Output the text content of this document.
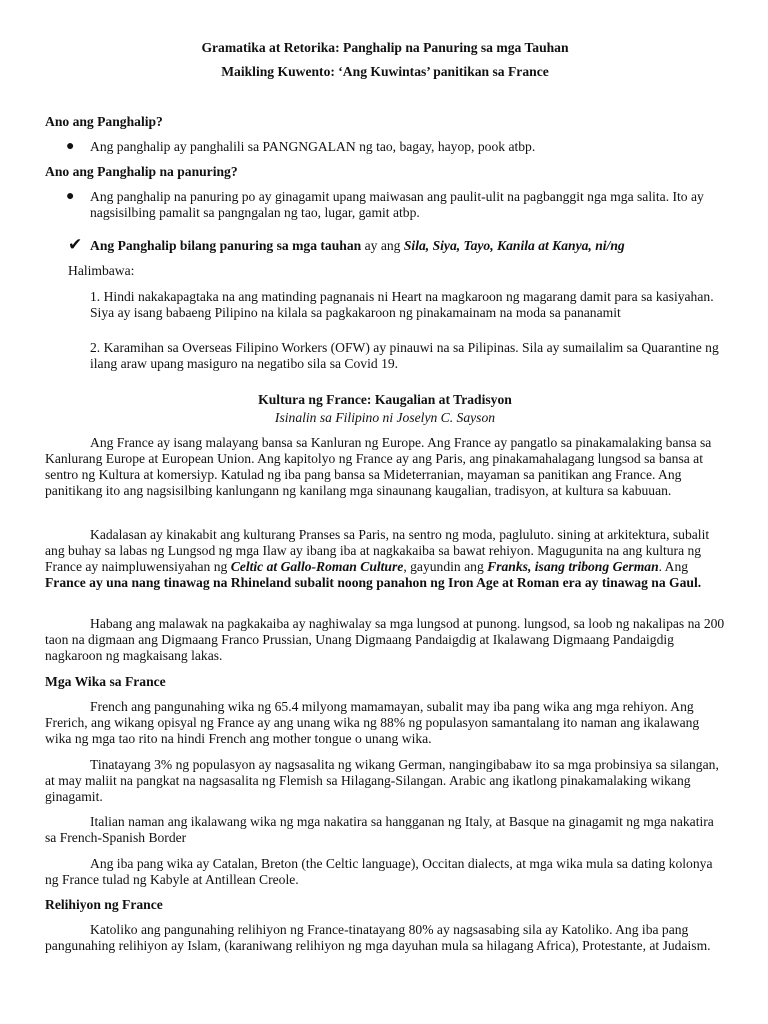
Gramatika at Retorika: Panghalip na Panuring sa mga Tauhan

Maikling Kuwento: ‘Ang Kuwintas’ panitikan sa France

Ano ang Panghalip?

● Ang panghalip ay panghalili sa PANGNGALAN ng tao, bagay, hayop, pook atbp.

Ano ang Panghalip na panuring?

● Ang panghalip na panuring po ay ginagamit upang maiwasan ang paulit-ulit na pagbanggit nga mga salita. Ito ay nagsisilbing pamalit sa pangngalan ng tao, lugar, gamit atbp.

✔ Ang Panghalip bilang panuring sa mga tauhan ay ang Sila, Siya, Tayo, Kanila at Kanya, ni/ng

Halimbawa:

1. Hindi nakakapagtaka na ang matinding pagnanais ni Heart na magkaroon ng magarang damit para sa kasiyahan. Siya ay isang babaeng Pilipino na kilala sa pagkakaroon ng pinakamainam na moda sa pananamit

2. Karamihan sa Overseas Filipino Workers (OFW) ay pinauwi na sa Pilipinas. Sila ay sumailalim sa Quarantine ng ilang araw upang masiguro na negatibo sila sa Covid 19.

Kultura ng France: Kaugalian at Tradisyon

Isinalin sa Filipino ni Joselyn C. Sayson

Ang France ay isang malayang bansa sa Kanluran ng Europe. Ang France ay pangatlo sa pinakamalaking bansa sa Kanlurang Europe at European Union. Ang kapitolyo ng France ay ang Paris, ang pinakamahalagang lungsod sa bansa at sentro ng Kultura at komersiyp. Katulad ng iba pang bansa sa Mideterranian, mayaman sa panitikan ang France. Ang panitikang ito ang nagsisilbing kanlungann ng kanilang mga sinaunang kaugalian, tradisyon, at kultura sa kabuuan.

Kadalasan ay kinakabit ang kulturang Pranses sa Paris, na sentro ng moda, pagluluto. sining at arkitektura, subalit ang buhay sa labas ng Lungsod ng mga Ilaw ay ibang iba at nagkakaiba sa bawat rehiyon. Magugunita na ang kultura ng France ay naimpluwensiyahan ng Celtic at Gallo-Roman Culture, gayundin ang Franks, isang tribong German. Ang France ay una nang tinawag na Rhineland subalit noong panahon ng Iron Age at Roman era ay tinawag na Gaul.

Habang ang malawak na pagkakaiba ay naghiwalay sa mga lungsod at punong. lungsod, sa loob ng nakalipas na 200 taon na digmaan ang Digmaang Franco Prussian, Unang Digmaang Pandaigdig at Ikalawang Digmaang Pandaigdig nagkaroon ng magkaisang lakas.

Mga Wika sa France

French ang pangunahing wika ng 65.4 milyong mamamayan, subalit may iba pang wika ang mga rehiyon. Ang Frerich, ang wikang opisyal ng France ay ang unang wika ng 88% ng populasyon samantalang ito naman ang ikalawang wika ng mga tao rito na hindi French ang mother tongue o unang wika.

Tinatayang 3% ng populasyon ay nagsasalita ng wikang German, nangingibabaw ito sa mga probinsiya sa silangan, at may maliit na pangkat na nagsasalita ng Flemish sa Hilagang-Silangan. Arabic ang ikatlong pinakamalaking wikang ginagamit.

Italian naman ang ikalawang wika ng mga nakatira sa hangganan ng Italy, at Basque na ginagamit ng mga nakatira sa French-Spanish Border

Ang iba pang wika ay Catalan, Breton (the Celtic language), Occitan dialects, at mga wika mula sa dating kolonya ng France tulad ng Kabyle at Antillean Creole.

Relihiyon ng France

Katoliko ang pangunahing relihiyon ng France-tinatayang 80% ay nagsasabing sila ay Katoliko. Ang iba pang pangunahing relihiyon ay Islam, (karaniwang relihiyon ng mga dayuhan mula sa hilagang Africa), Protestante, at Judaism.
